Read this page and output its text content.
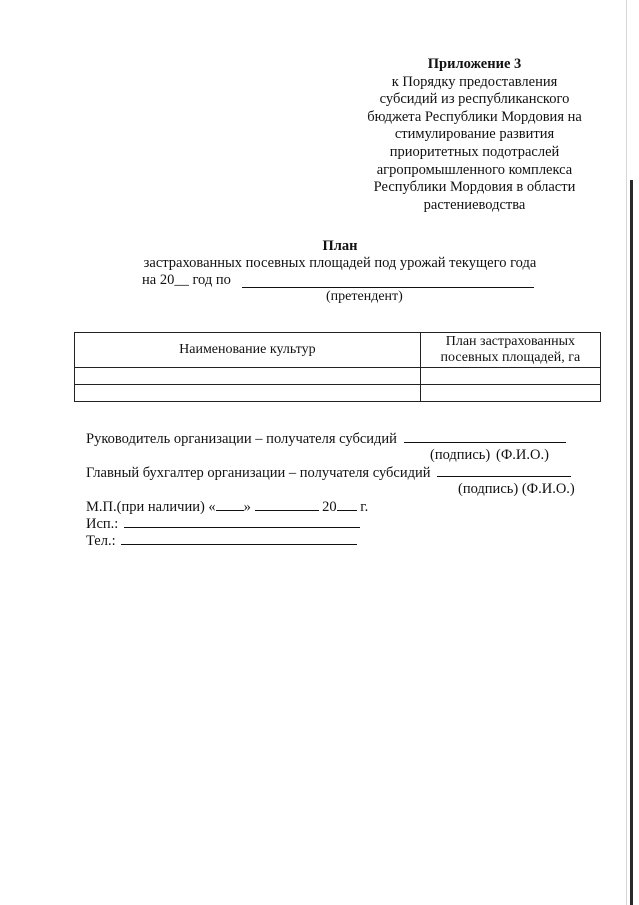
Приложение 3
к Порядку предоставления
субсидий из республиканского
бюджета Республики Мордовия на
стимулирование развития
приоритетных подотраслей
агропромышленного комплекса
Республики Мордовия в области
растениеводства
План
застрахованных посевных площадей под урожай текущего года
на 20__ год по
(претендент)
Наименование культур	План застрахованных
посевных площадей, га

Руководитель организации – получателя субсидий
(подпись) (Ф.И.О.)
Главный бухгалтер организации – получателя субсидий
(подпись) (Ф.И.О.)
М.П.(при наличии) « »	20 г.
Исп.:
Тел.:
